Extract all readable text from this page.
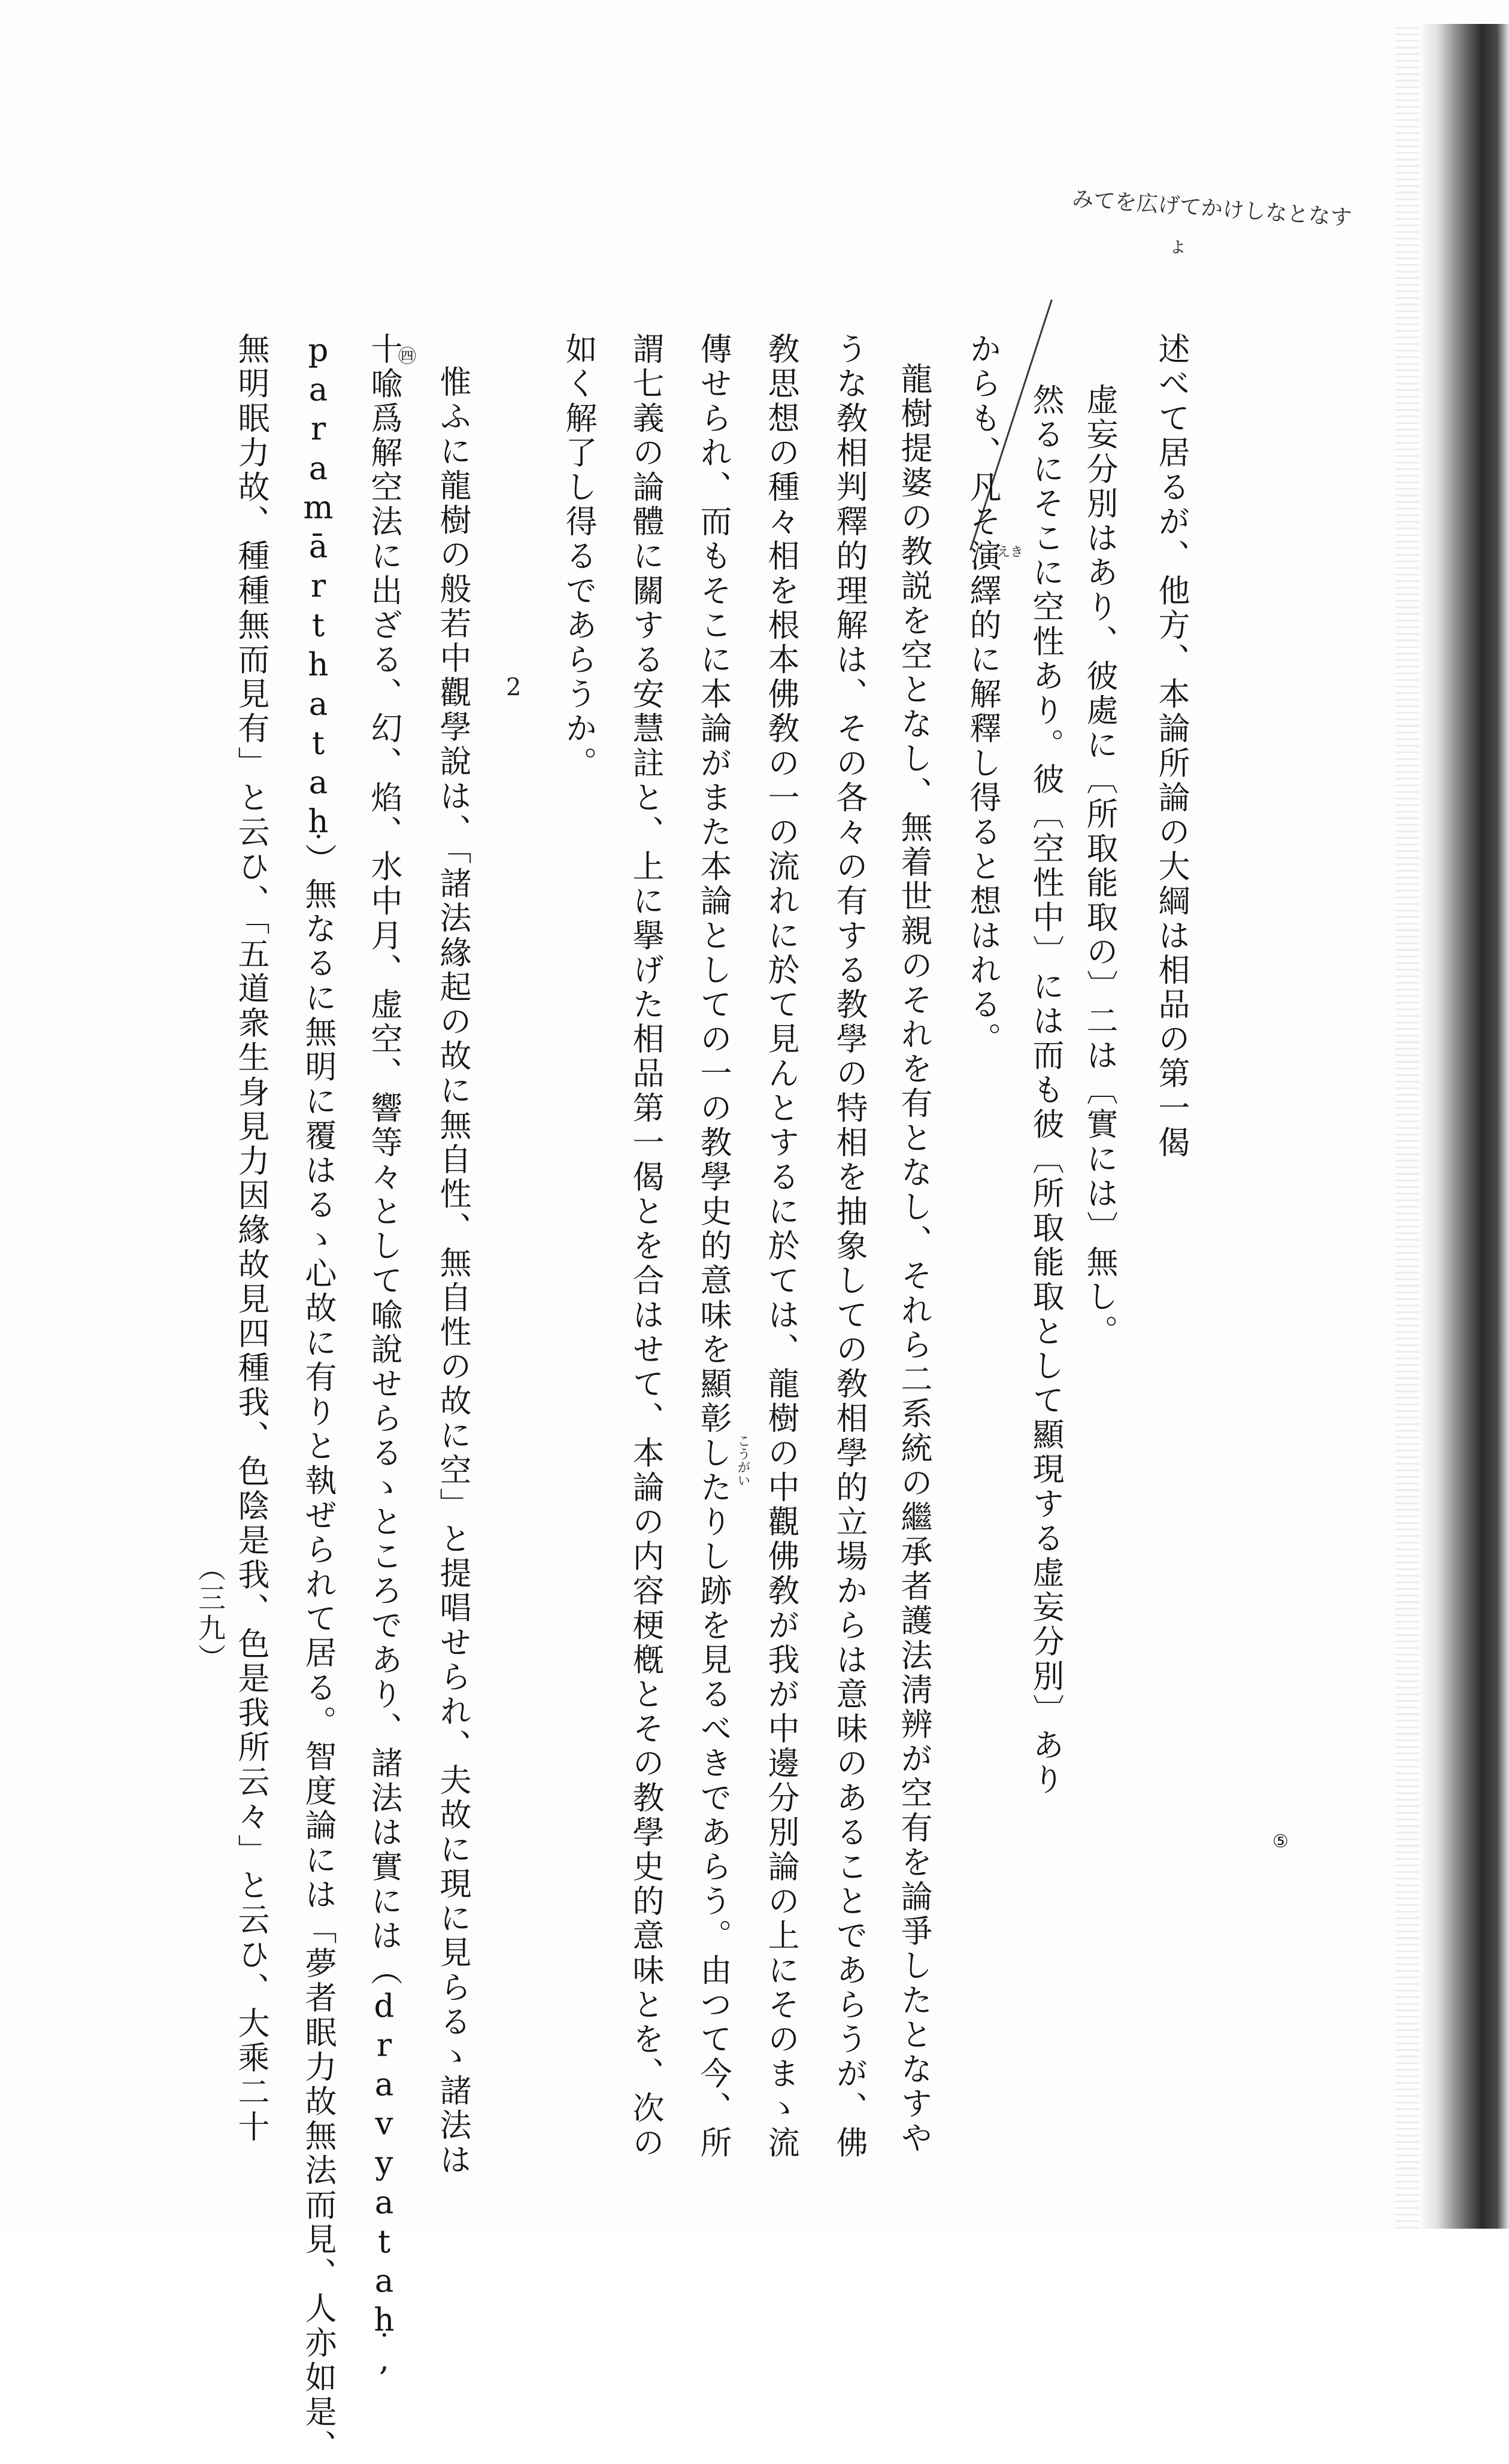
みてを広げてかけしなとなす
ょ
述べて居るが、他方、本論所論の大綱は相品の第一偈
虚妄分別はあり、彼處に〔所取能取の〕二は〔實には〕無し。
然るにそこに空性あり。彼〔空性中〕には而も彼〔所取能取として顯現する虚妄分別〕あり
からも、凡そ演繹的に解釋し得ると想はれる。
龍樹提婆の教説を空となし、無着世親のそれを有となし、それら二系統の繼承者護法淸辨が空有を論爭したとなすや
うな敎相判釋的理解は、その各々の有する教學の特相を抽象しての敎相學的立場からは意味のあることであらうが、佛
敎思想の種々相を根本佛敎の一の流れに於て見んとするに於ては、龍樹の中觀佛敎が我が中邊分別論の上にそのまゝ流
傳せられ、而もそこに本論がまた本論としての一の教學史的意味を顯彰したりし跡を見るべきであらう。由つて今、所
謂七義の論體に關する安慧註と、上に擧げた相品第一偈とを合はせて、本論の内容梗槪とその教學史的意味とを、次の
如く解了し得るであらうか。
2
惟ふに龍樹の般若中觀學說は、「諸法緣起の故に無自性、無自性の故に空」と提唱せられ、夫故に現に見らるゝ諸法は
十喩爲解空法に出ざる、幻、焰、水中月、虚空、響等々として喩說せらるゝところであり、諸法は實には（dravyataḥ,
paramārthataḥ）無なるに無明に覆はるゝ心故に有りと執ぜられて居る。智度論には「夢者眠力故無法而見、人亦如是、
無明眠力故、種種無而見有」と云ひ、「五道衆生身見力因緣故見四種我、色陰是我、色是我所云々」と云ひ、大乘二十	㊃
⑤
えき
こうがい
（三九）
